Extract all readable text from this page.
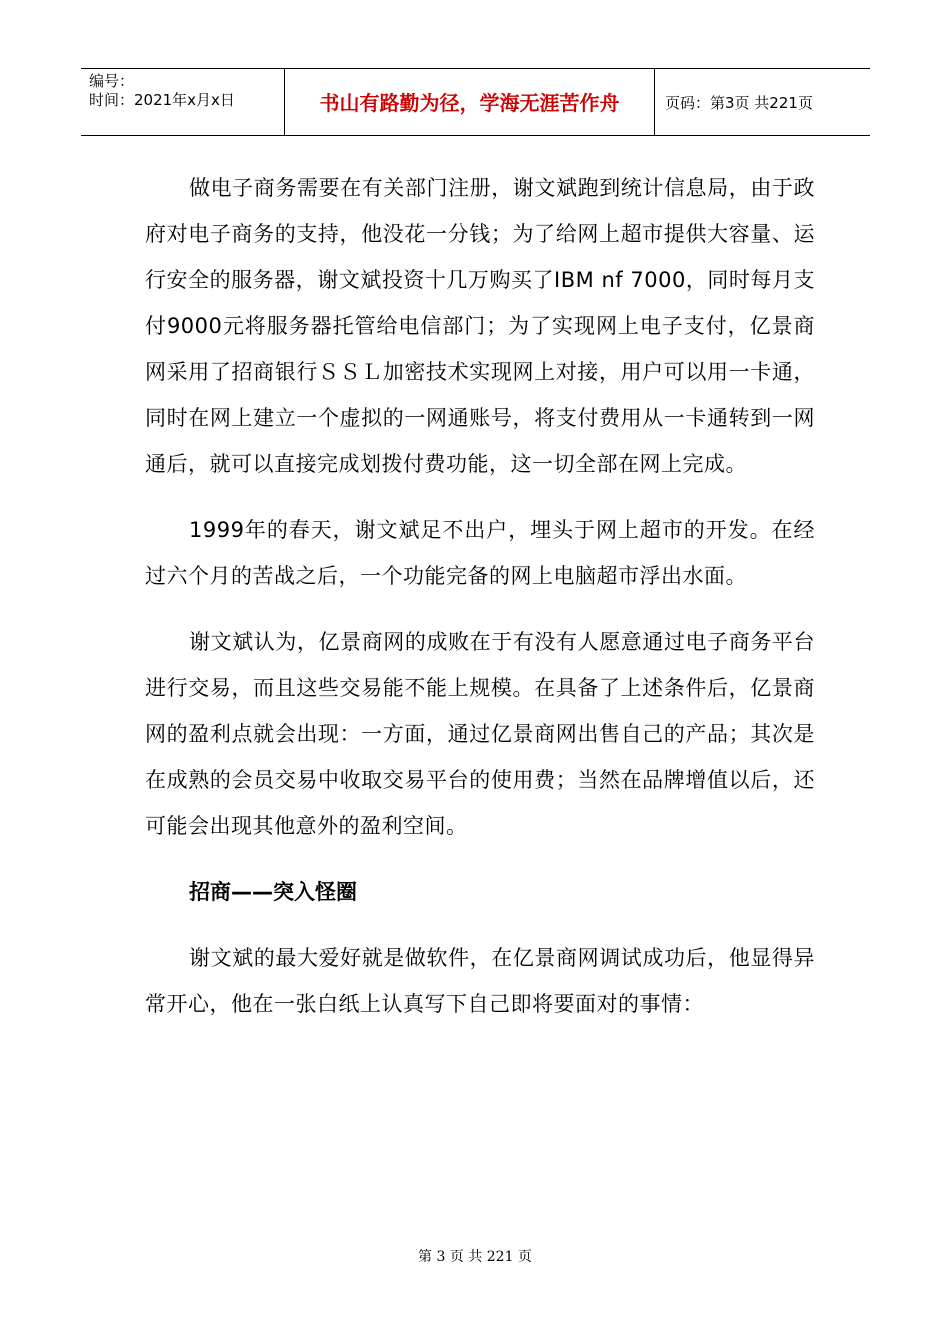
编号：
时间：2021年x月x日	书山有路勤为径，学海无涯苦作舟	页码：第3页 共221页

做电子商务需要在有关部门注册，谢文斌跑到统计信息局，由于政府对电子商务的支持，他没花一分钱；为了给网上超市提供大容量、运行安全的服务器，谢文斌投资十几万购买了IBM nf 7000，同时每月支付9000元将服务器托管给电信部门；为了实现网上电子支付，亿景商网采用了招商银行ＳＳＬ加密技术实现网上对接，用户可以用一卡通，同时在网上建立一个虚拟的一网通账号，将支付费用从一卡通转到一网通后，就可以直接完成划拨付费功能，这一切全部在网上完成。

1999年的春天，谢文斌足不出户，埋头于网上超市的开发。在经过六个月的苦战之后，一个功能完备的网上电脑超市浮出水面。

谢文斌认为，亿景商网的成败在于有没有人愿意通过电子商务平台进行交易，而且这些交易能不能上规模。在具备了上述条件后，亿景商网的盈利点就会出现：一方面，通过亿景商网出售自己的产品；其次是在成熟的会员交易中收取交易平台的使用费；当然在品牌增值以后，还可能会出现其他意外的盈利空间。

招商——突入怪圈

谢文斌的最大爱好就是做软件，在亿景商网调试成功后，他显得异常开心，他在一张白纸上认真写下自己即将要面对的事情：

第 3 页 共 221 页
